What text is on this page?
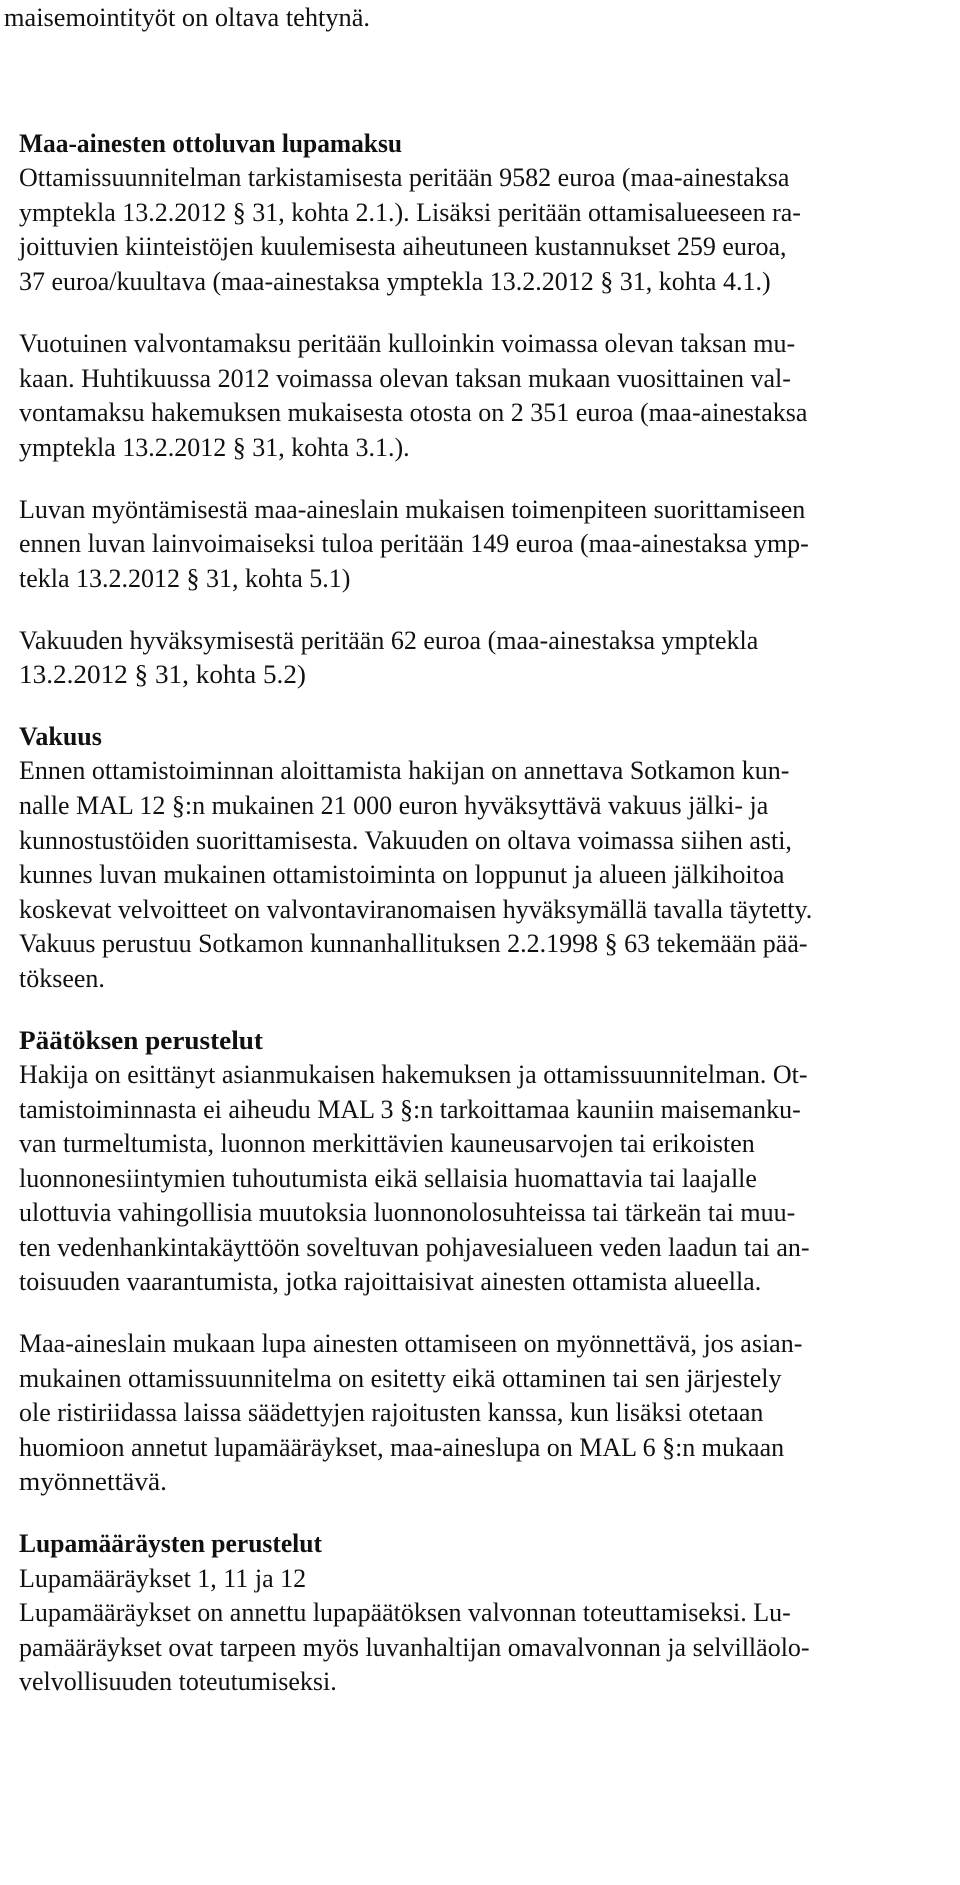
maisemointityöt on oltava tehtynä.
Maa-ainesten ottoluvan lupamaksu
Ottamissuunnitelman tarkistamisesta peritään 9582 euroa (maa-ainestaksa
ymptekla 13.2.2012 § 31, kohta 2.1.). Lisäksi peritään ottamisalueeseen ra-
joittuvien kiinteistöjen kuulemisesta aiheutuneen kustannukset 259 euroa,
37 euroa/kuultava (maa-ainestaksa ymptekla 13.2.2012 § 31, kohta 4.1.)
Vuotuinen valvontamaksu peritään kulloinkin voimassa olevan taksan mu-
kaan. Huhtikuussa 2012 voimassa olevan taksan mukaan vuosittainen val-
vontamaksu hakemuksen mukaisesta otosta on 2 351 euroa (maa-ainestaksa
ymptekla 13.2.2012 § 31, kohta 3.1.).
Luvan myöntämisestä maa-aineslain mukaisen toimenpiteen suorittamiseen
ennen luvan lainvoimaiseksi tuloa peritään 149 euroa (maa-ainestaksa ymp-
tekla 13.2.2012 § 31, kohta 5.1)
Vakuuden hyväksymisestä peritään 62 euroa (maa-ainestaksa ymptekla
13.2.2012 § 31, kohta 5.2)
Vakuus
Ennen ottamistoiminnan aloittamista hakijan on annettava Sotkamon kun-
nalle MAL 12 §:n mukainen 21 000 euron hyväksyttävä vakuus jälki- ja
kunnostustöiden suorittamisesta. Vakuuden on oltava voimassa siihen asti,
kunnes luvan mukainen ottamistoiminta on loppunut ja alueen jälkihoitoa
koskevat velvoitteet on valvontaviranomaisen hyväksymällä tavalla täytetty.
Vakuus perustuu Sotkamon kunnanhallituksen 2.2.1998 § 63 tekemään pää-
tökseen.
Päätöksen perustelut
Hakija on esittänyt asianmukaisen hakemuksen ja ottamissuunnitelman. Ot-
tamistoiminnasta ei aiheudu MAL 3 §:n tarkoittamaa kauniin maisemanku-
van turmeltumista, luonnon merkittävien kauneusarvojen tai erikoisten
luonnonesiintymien tuhoutumista eikä sellaisia huomattavia tai laajalle
ulottuvia vahingollisia muutoksia luonnonolosuhteissa tai tärkeän tai muu-
ten vedenhankintakäyttöön soveltuvan pohjavesialueen veden laadun tai an-
toisuuden vaarantumista, jotka rajoittaisivat ainesten ottamista alueella.
Maa-aineslain mukaan lupa ainesten ottamiseen on myönnettävä, jos asian-
mukainen ottamissuunnitelma on esitetty eikä ottaminen tai sen järjestely
ole ristiriidassa laissa säädettyjen rajoitusten kanssa, kun lisäksi otetaan
huomioon annetut lupamääräykset, maa-aineslupa on MAL 6 §:n mukaan
myönnettävä.
Lupamääräysten perustelut
Lupamääräykset 1, 11 ja 12
Lupamääräykset on annettu lupapäätöksen valvonnan toteuttamiseksi. Lu-
pamääräykset ovat tarpeen myös luvanhaltijan omavalvonnan ja selvilläolo-
velvollisuuden toteutumiseksi.
